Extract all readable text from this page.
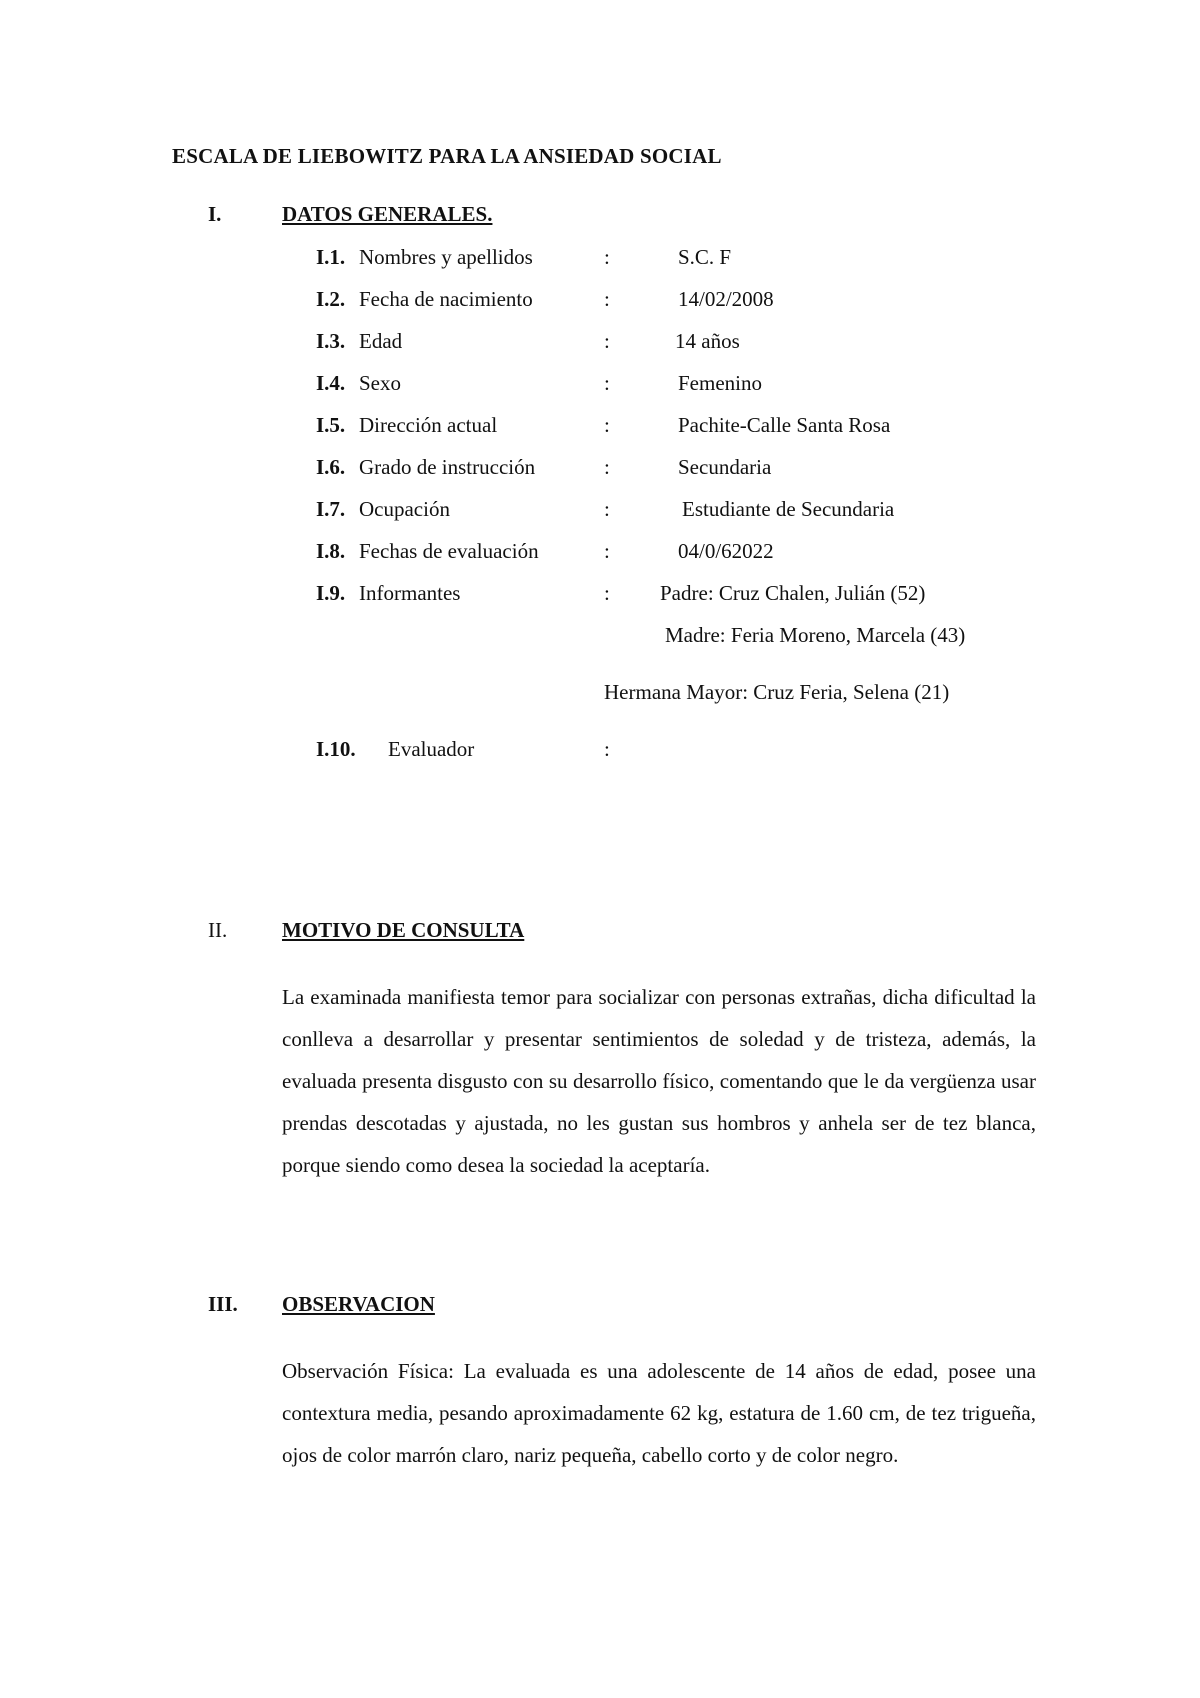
ESCALA DE LIEBOWITZ PARA LA ANSIEDAD SOCIAL
I.	DATOS GENERALES.
I.1. Nombres y apellidos	:	S.C. F
I.2. Fecha de nacimiento	:	14/02/2008
I.3. Edad	:	14 años
I.4. Sexo	:	Femenino
I.5. Dirección actual	:	Pachite-Calle Santa Rosa
I.6. Grado de instrucción	:	Secundaria
I.7. Ocupación	:	Estudiante de Secundaria
I.8. Fechas de evaluación	:	04/0/62022
I.9. Informantes	: Padre: Cruz Chalen, Julián (52)
Madre: Feria Moreno, Marcela (43)
Hermana Mayor: Cruz Feria, Selena (21)
I.10. Evaluador	:
II.	MOTIVO DE CONSULTA
La examinada manifiesta temor para socializar con personas extrañas, dicha dificultad la conlleva a desarrollar y presentar sentimientos de soledad y de tristeza, además, la evaluada presenta disgusto con su desarrollo físico, comentando que le da vergüenza usar prendas descotadas y ajustada, no les gustan sus hombros y anhela ser de tez blanca, porque siendo como desea la sociedad la aceptaría.
III. OBSERVACION
Observación Física: La evaluada es una adolescente de 14 años de edad, posee una contextura media, pesando aproximadamente 62 kg, estatura de 1.60 cm, de tez trigueña, ojos de color marrón claro, nariz pequeña, cabello corto y de color negro.
